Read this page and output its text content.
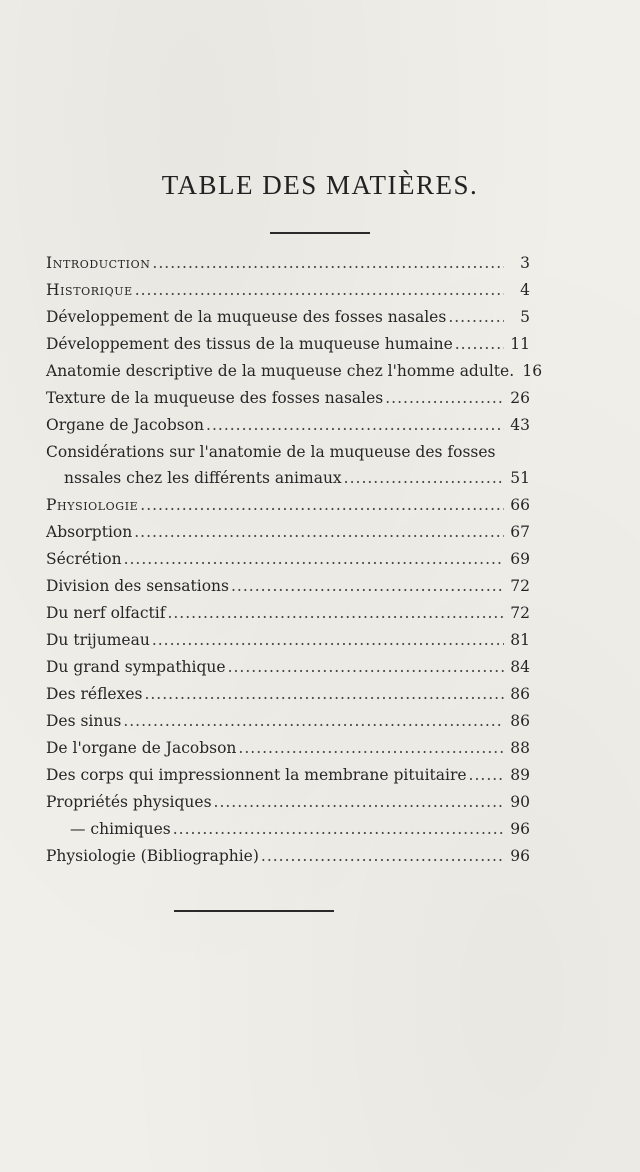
TABLE DES MATIÈRES.
Introduction .....	3
Historique .....	4
Développement de la muqueuse des fosses nasales .....	5
Développement des tissus de la muqueuse humaine .....	11
Anatomie descriptive de la muqueuse chez l'homme adulte. 16
Texture de la muqueuse des fosses nasales .....	26
Organe de Jacobson .....	43
Considérations sur l'anatomie de la muqueuse des fosses
nssales chez les différents animaux .....	51
Physiologie .....	66
Absorption .....	67
Sécrétion .....	69
Division des sensations .....	72
Du nerf olfactif .....	72
Du trijumeau .....	81
Du grand sympathique .....	84
Des réflexes .....	86
Des sinus .....	86
De l'organe de Jacobson .....	88
Des corps qui impressionnent la membrane pituitaire .....	89
Propriétés physiques .....	90
— chimiques .....	96
Physiologie (Bibliographie) .....	96
